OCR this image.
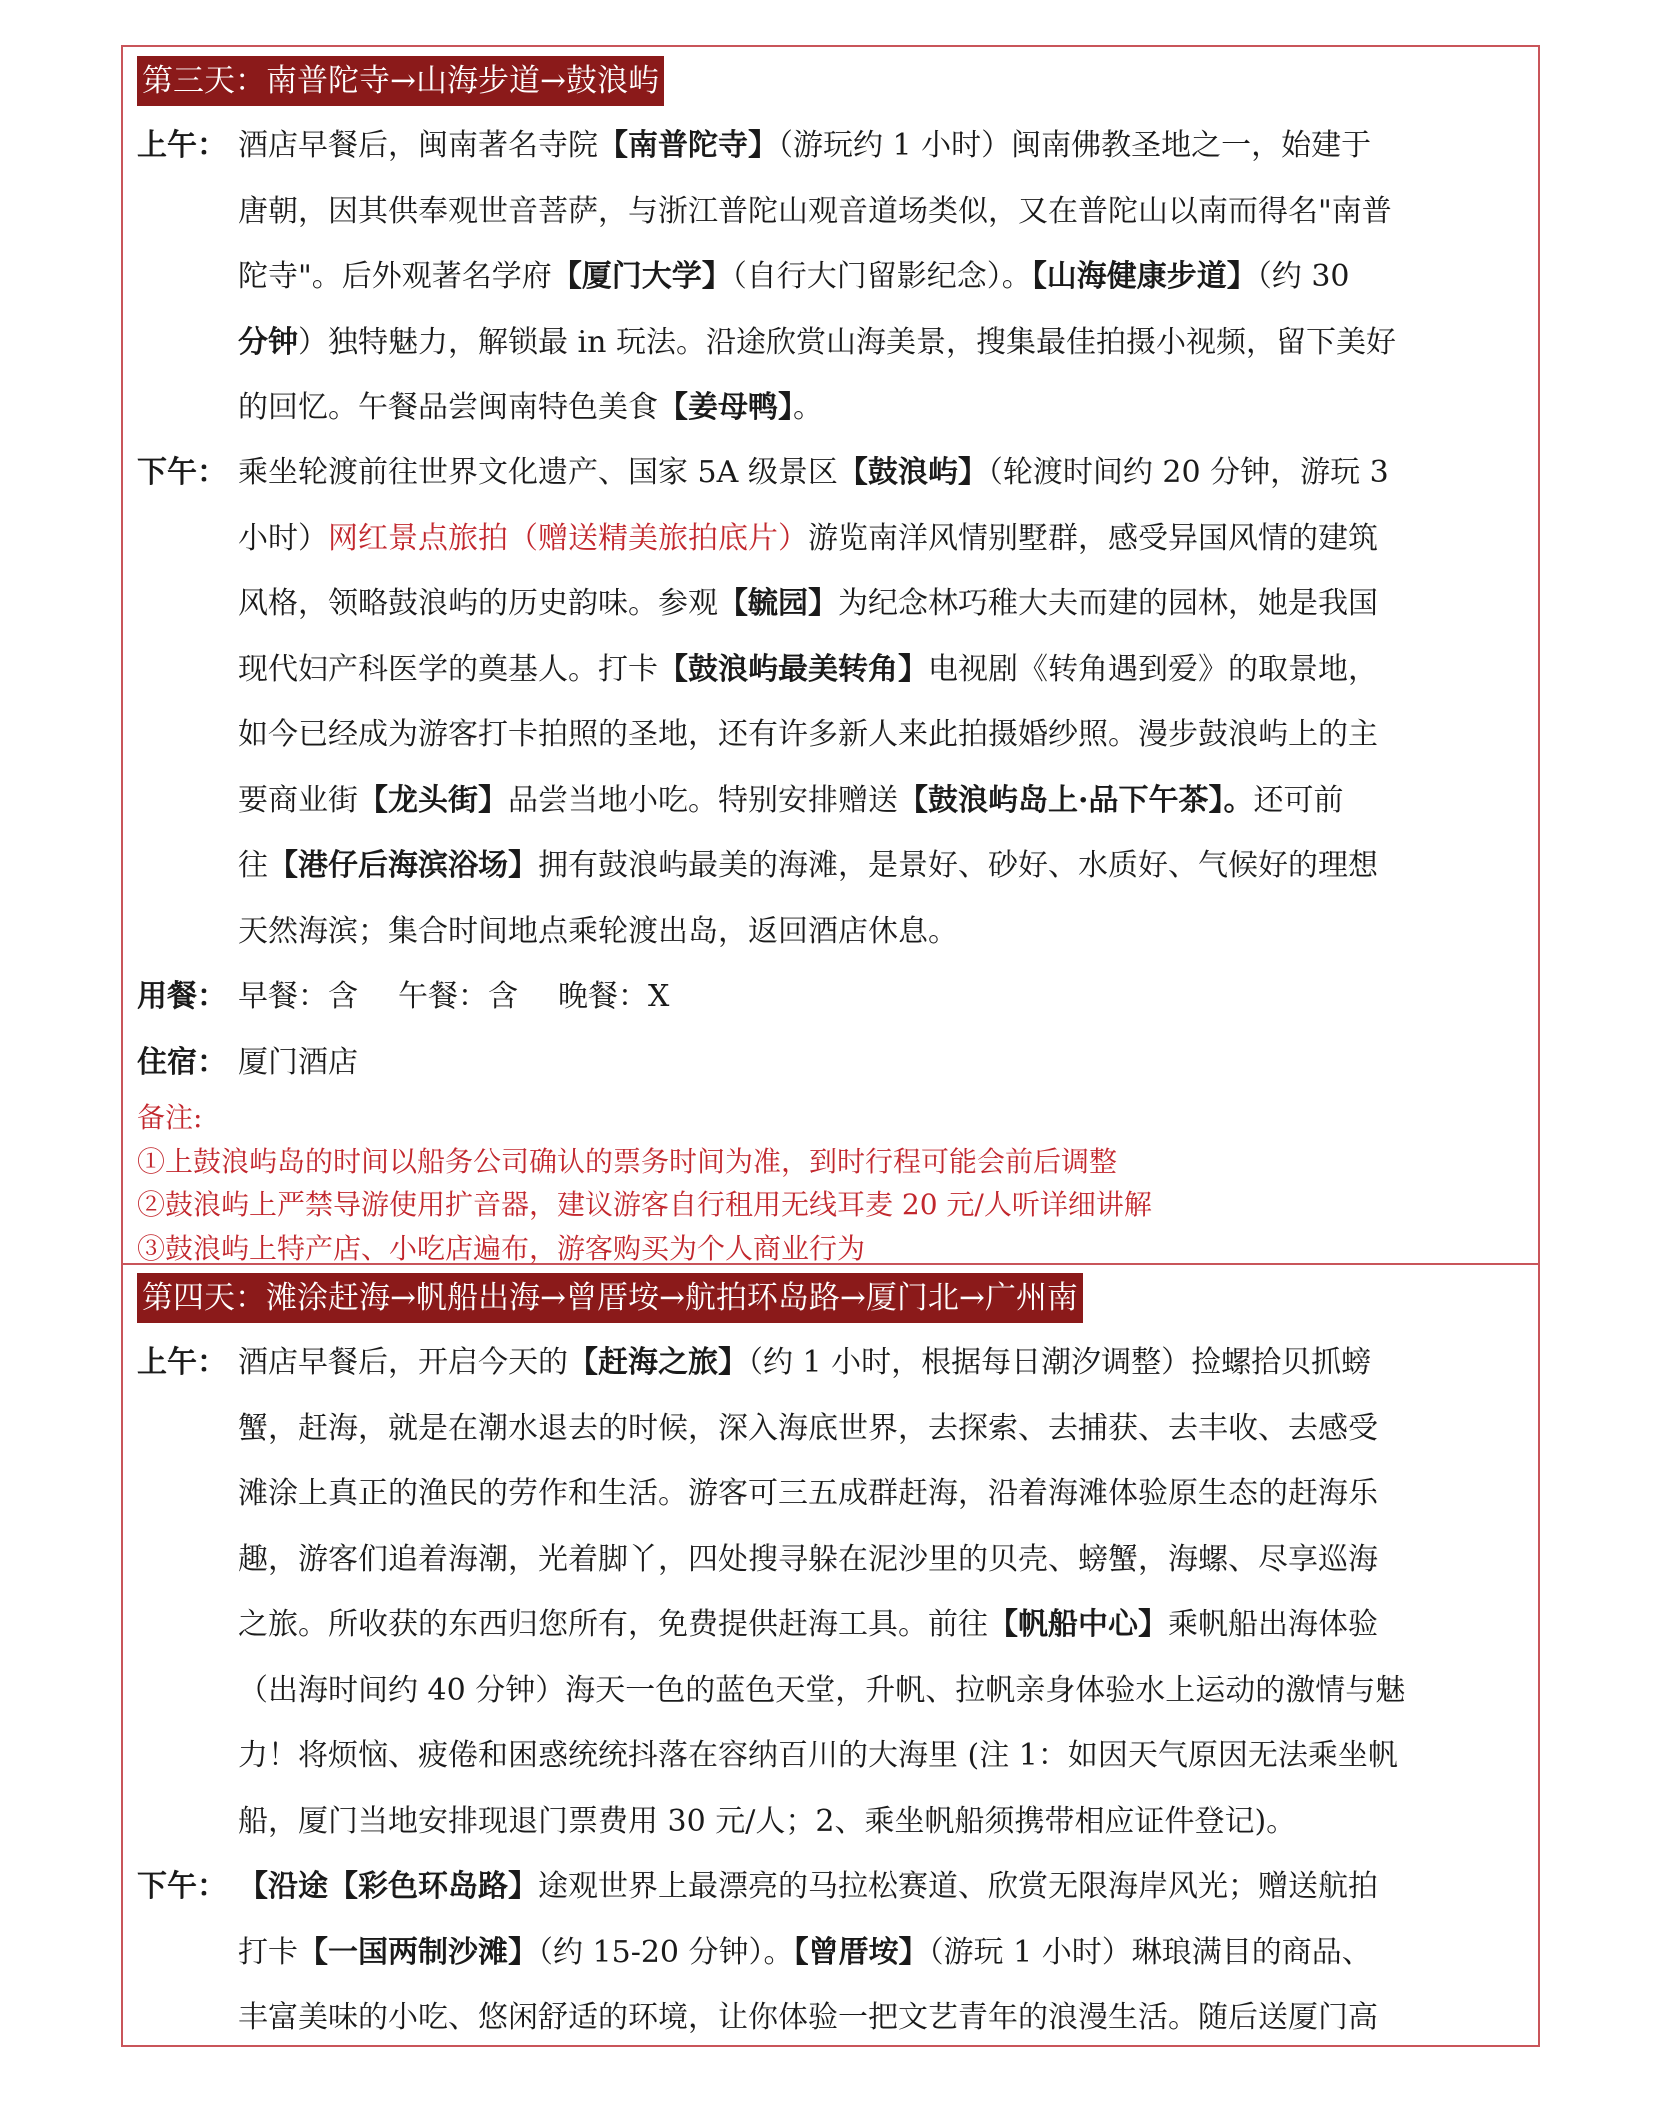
第三天：南普陀寺→山海步道→鼓浪屿
上午： 酒店早餐后，闽南著名寺院【南普陀寺】（游玩约 1 小时）闽南佛教圣地之一，始建于
唐朝，因其供奉观世音菩萨，与浙江普陀山观音道场类似，又在普陀山以南而得名"南普
陀寺"。后外观著名学府【厦门大学】（自行大门留影纪念）。【山海健康步道】（约 30
分钟）独特魅力，解锁最 in 玩法。沿途欣赏山海美景，搜集最佳拍摄小视频，留下美好
的回忆。午餐品尝闽南特色美食【姜母鸭】。
下午： 乘坐轮渡前往世界文化遗产、国家 5A 级景区【鼓浪屿】（轮渡时间约 20 分钟，游玩 3
小时）网红景点旅拍（赠送精美旅拍底片）游览南洋风情别墅群，感受异国风情的建筑
风格，领略鼓浪屿的历史韵味。参观【毓园】为纪念林巧稚大夫而建的园林，她是我国
现代妇产科医学的奠基人。打卡【鼓浪屿最美转角】电视剧《转角遇到爱》的取景地，
如今已经成为游客打卡拍照的圣地，还有许多新人来此拍摄婚纱照。漫步鼓浪屿上的主
要商业街【龙头街】品尝当地小吃。特别安排赠送【鼓浪屿岛上·品下午茶】。还可前
往【港仔后海滨浴场】拥有鼓浪屿最美的海滩，是景好、砂好、水质好、气候好的理想
天然海滨；集合时间地点乘轮渡出岛，返回酒店休息。
用餐： 早餐：含 午餐：含 晚餐：X
住宿： 厦门酒店
备注:
①上鼓浪屿岛的时间以船务公司确认的票务时间为准，到时行程可能会前后调整
②鼓浪屿上严禁导游使用扩音器，建议游客自行租用无线耳麦 20 元/人听详细讲解
③鼓浪屿上特产店、小吃店遍布，游客购买为个人商业行为
第四天：滩涂赶海→帆船出海→曾厝垵→航拍环岛路→厦门北→广州南
上午： 酒店早餐后，开启今天的【赶海之旅】（约 1 小时，根据每日潮汐调整）捡螺拾贝抓螃
蟹，赶海，就是在潮水退去的时候，深入海底世界，去探索、去捕获、去丰收、去感受
滩涂上真正的渔民的劳作和生活。游客可三五成群赶海，沿着海滩体验原生态的赶海乐
趣，游客们追着海潮，光着脚丫，四处搜寻躲在泥沙里的贝壳、螃蟹，海螺、尽享巡海
之旅。所收获的东西归您所有，免费提供赶海工具。前往【帆船中心】乘帆船出海体验
（出海时间约 40 分钟）海天一色的蓝色天堂，升帆、拉帆亲身体验水上运动的激情与魅
力！将烦恼、疲倦和困惑统统抖落在容纳百川的大海里 (注 1：如因天气原因无法乘坐帆
船，厦门当地安排现退门票费用 30 元/人；2、乘坐帆船须携带相应证件登记)。
下午： 【沿途【彩色环岛路】途观世界上最漂亮的马拉松赛道、欣赏无限海岸风光；赠送航拍
打卡【一国两制沙滩】（约 15-20 分钟）。【曾厝垵】（游玩 1 小时）琳琅满目的商品、
丰富美味的小吃、悠闲舒适的环境，让你体验一把文艺青年的浪漫生活。随后送厦门高
